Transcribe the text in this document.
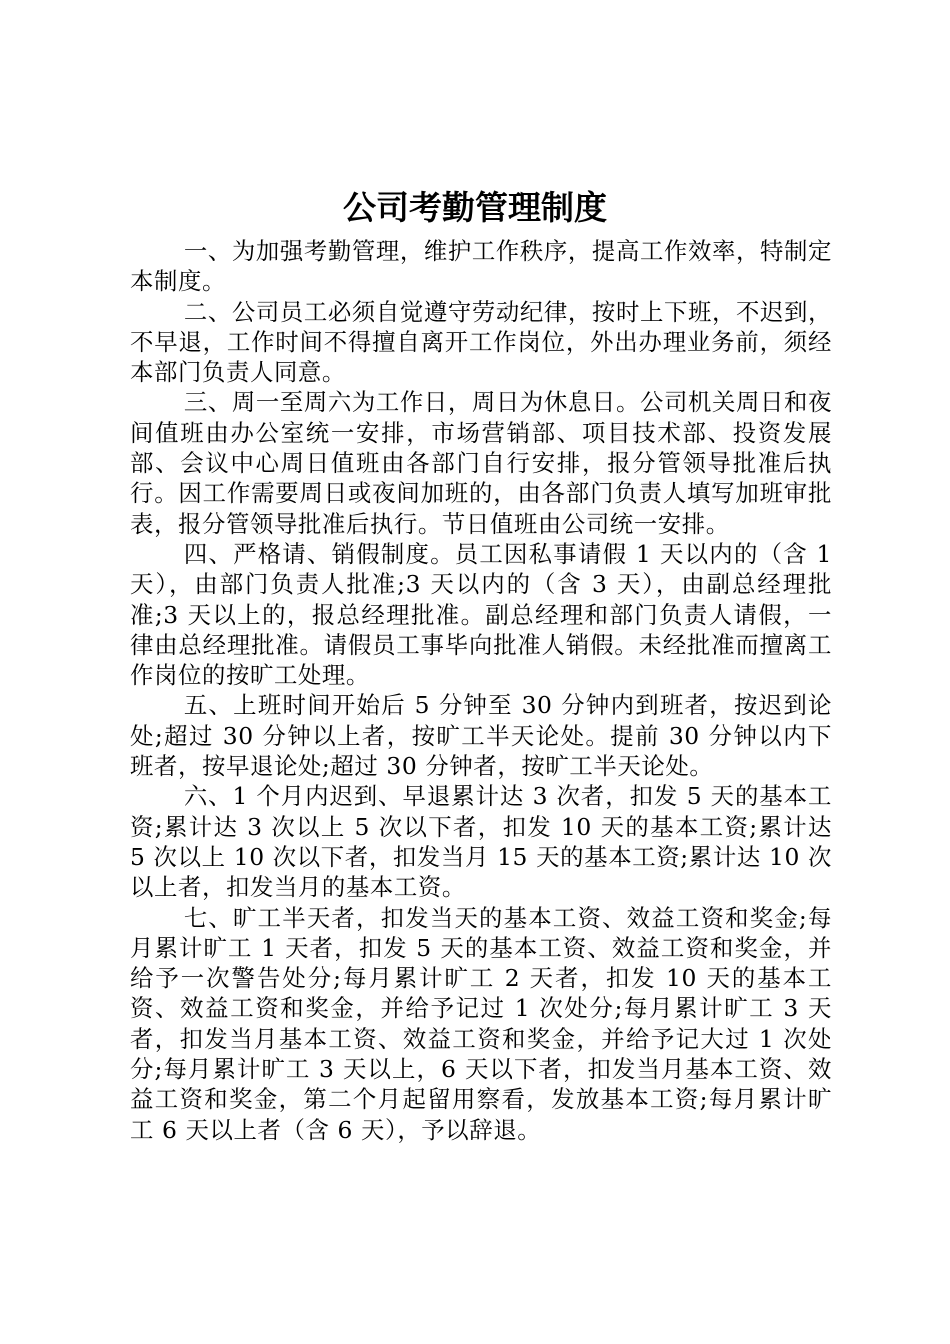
公司考勤管理制度

一、为加强考勤管理，维护工作秩序，提高工作效率，特制定本制度。

二、公司员工必须自觉遵守劳动纪律，按时上下班，不迟到，不早退，工作时间不得擅自离开工作岗位，外出办理业务前，须经本部门负责人同意。

三、周一至周六为工作日，周日为休息日。公司机关周日和夜间值班由办公室统一安排，市场营销部、项目技术部、投资发展部、会议中心周日值班由各部门自行安排，报分管领导批准后执行。因工作需要周日或夜间加班的，由各部门负责人填写加班审批表，报分管领导批准后执行。节日值班由公司统一安排。

四、严格请、销假制度。员工因私事请假 1 天以内的（含 1 天），由部门负责人批准;3 天以内的（含 3 天），由副总经理批准;3 天以上的，报总经理批准。副总经理和部门负责人请假，一律由总经理批准。请假员工事毕向批准人销假。未经批准而擅离工作岗位的按旷工处理。

五、上班时间开始后 5 分钟至 30 分钟内到班者，按迟到论处;超过 30 分钟以上者，按旷工半天论处。提前 30 分钟以内下班者，按早退论处;超过 30 分钟者，按旷工半天论处。

六、1 个月内迟到、早退累计达 3 次者，扣发 5 天的基本工资;累计达 3 次以上 5 次以下者，扣发 10 天的基本工资;累计达 5 次以上 10 次以下者，扣发当月 15 天的基本工资;累计达 10 次以上者，扣发当月的基本工资。

七、旷工半天者，扣发当天的基本工资、效益工资和奖金;每月累计旷工 1 天者，扣发 5 天的基本工资、效益工资和奖金，并给予一次警告处分;每月累计旷工 2 天者，扣发 10 天的基本工资、效益工资和奖金，并给予记过 1 次处分;每月累计旷工 3 天者，扣发当月基本工资、效益工资和奖金，并给予记大过 1 次处分;每月累计旷工 3 天以上，6 天以下者，扣发当月基本工资、效益工资和奖金，第二个月起留用察看，发放基本工资;每月累计旷工 6 天以上者（含 6 天），予以辞退。
